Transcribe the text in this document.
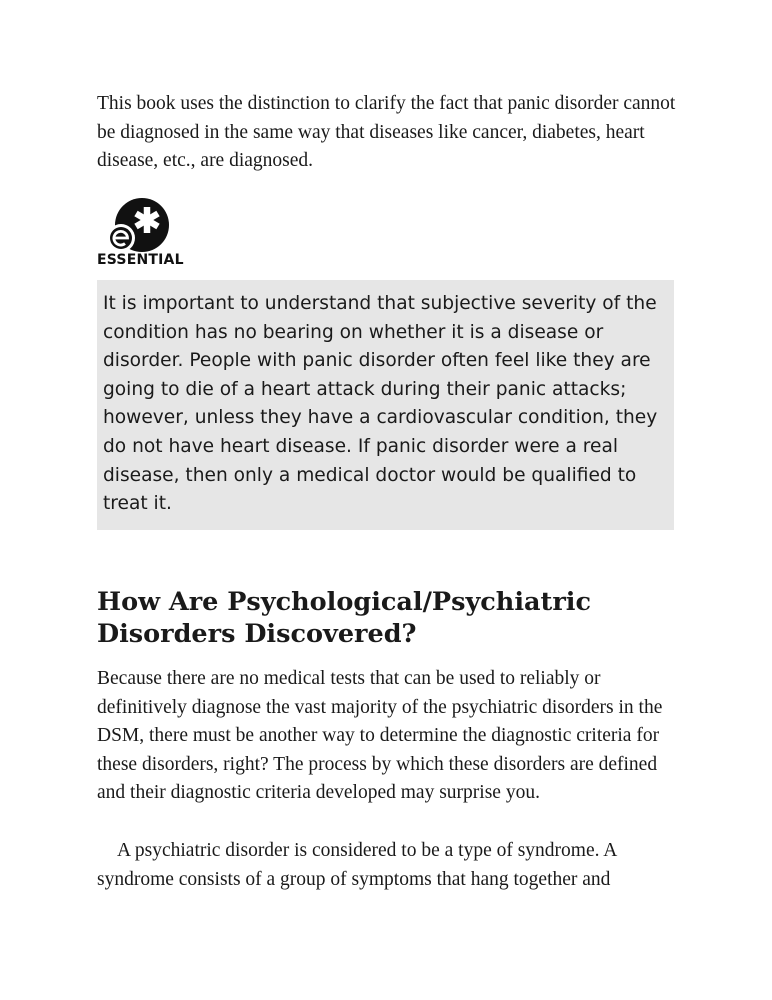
This book uses the distinction to clarify the fact that panic disorder cannot be diagnosed in the same way that diseases like cancer, diabetes, heart disease, etc., are diagnosed.

ESSENTIAL

It is important to understand that subjective severity of the condition has no bearing on whether it is a disease or disorder. People with panic disorder often feel like they are going to die of a heart attack during their panic attacks; however, unless they have a cardiovascular condition, they do not have heart disease. If panic disorder were a real disease, then only a medical doctor would be qualified to treat it.

How Are Psychological/Psychiatric Disorders Discovered?

Because there are no medical tests that can be used to reliably or definitively diagnose the vast majority of the psychiatric disorders in the DSM, there must be another way to determine the diagnostic criteria for these disorders, right? The process by which these disorders are defined and their diagnostic criteria developed may surprise you.

A psychiatric disorder is considered to be a type of syndrome. A syndrome consists of a group of symptoms that hang together and
